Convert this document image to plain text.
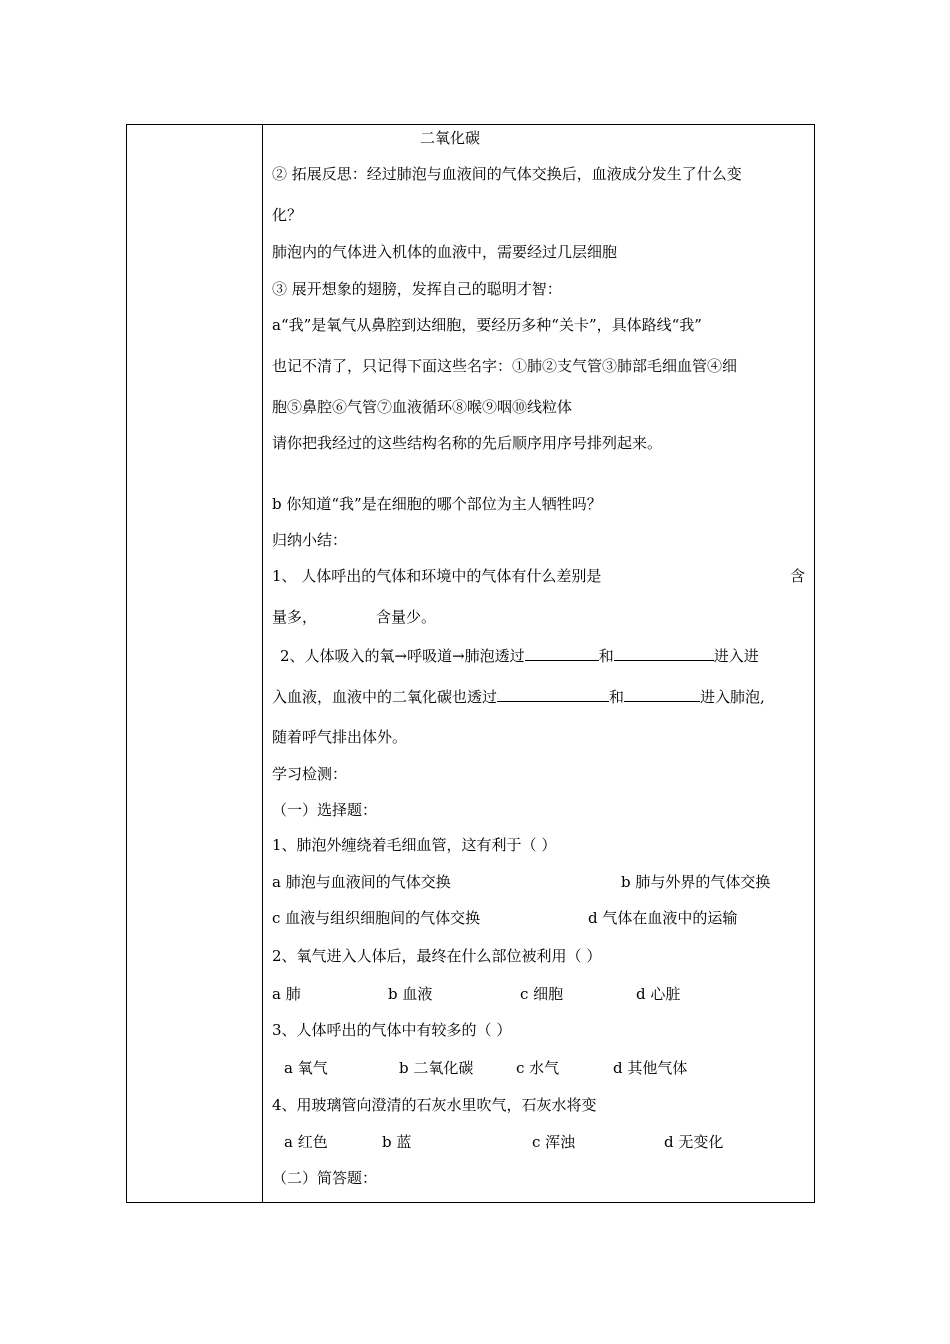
二氧化碳
② 拓展反思：经过肺泡与血液间的气体交换后，血液成分发生了什么变
化？
肺泡内的气体进入机体的血液中，需要经过几层细胞
③ 展开想象的翅膀，发挥自己的聪明才智：
a“我”是氧气从鼻腔到达细胞，要经历多种“关卡”，具体路线“我”
也记不清了，只记得下面这些名字：①肺②支气管③肺部毛细血管④细
胞⑤鼻腔⑥气管⑦血液循环⑧喉⑨咽⑩线粒体
请你把我经过的这些结构名称的先后顺序用序号排列起来。
b 你知道“我”是在细胞的哪个部位为主人牺牲吗？
归纳小结：
1、 人体呼出的气体和环境中的气体有什么差别是	含
量多，	含量少。
2、人体吸入的氧→呼吸道→肺泡透过	和	进入进
入血液，血液中的二氧化碳也透过	和	进入肺泡,
随着呼气排出体外。
学习检测：
（一）选择题：
1、肺泡外缠绕着毛细血管，这有利于（ ）
a 肺泡与血液间的气体交换	b 肺与外界的气体交换
c 血液与组织细胞间的气体交换	d 气体在血液中的运输
2、氧气进入人体后，最终在什么部位被利用（ ）
a 肺	b 血液	c 细胞	d 心脏
3、人体呼出的气体中有较多的（ ）
a 氧气	b 二氧化碳	c 水气	d 其他气体
4、用玻璃管向澄清的石灰水里吹气，石灰水将变
a 红色	b 蓝	c 浑浊	d 无变化
（二）简答题：
